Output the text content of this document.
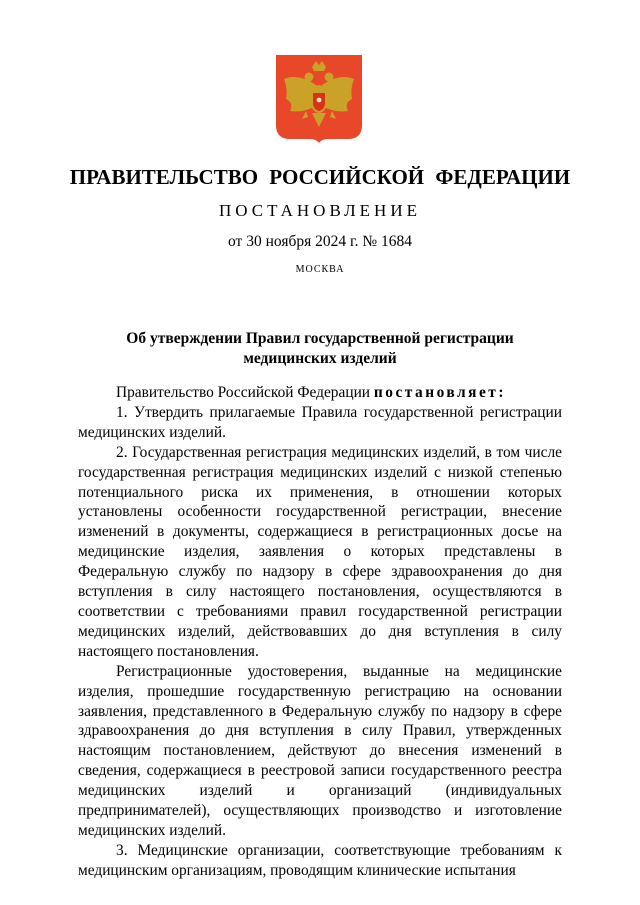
ПРАВИТЕЛЬСТВО РОССИЙСКОЙ ФЕДЕРАЦИИ
ПОСТАНОВЛЕНИЕ
от 30 ноября 2024 г. № 1684
МОСКВА
Об утверждении Правил государственной регистрации
медицинских изделий

Правительство Российской Федерации постановляет:

1. Утвердить прилагаемые Правила государственной регистрации медицинских изделий.

2. Государственная регистрация медицинских изделий, в том числе государственная регистрация медицинских изделий с низкой степенью потенциального риска их применения, в отношении которых установлены особенности государственной регистрации, внесение изменений в документы, содержащиеся в регистрационных досье на медицинские изделия, заявления о которых представлены в Федеральную службу по надзору в сфере здравоохранения до дня вступления в силу настоящего постановления, осуществляются в соответствии с требованиями правил государственной регистрации медицинских изделий, действовавших до дня вступления в силу настоящего постановления.

Регистрационные удостоверения, выданные на медицинские изделия, прошедшие государственную регистрацию на основании заявления, представленного в Федеральную службу по надзору в сфере здравоохранения до дня вступления в силу Правил, утвержденных настоящим постановлением, действуют до внесения изменений в сведения, содержащиеся в реестровой записи государственного реестра медицинских изделий и организаций (индивидуальных предпринимателей), осуществляющих производство и изготовление медицинских изделий.

3. Медицинские организации, соответствующие требованиям к медицинским организациям, проводящим клинические испытания
